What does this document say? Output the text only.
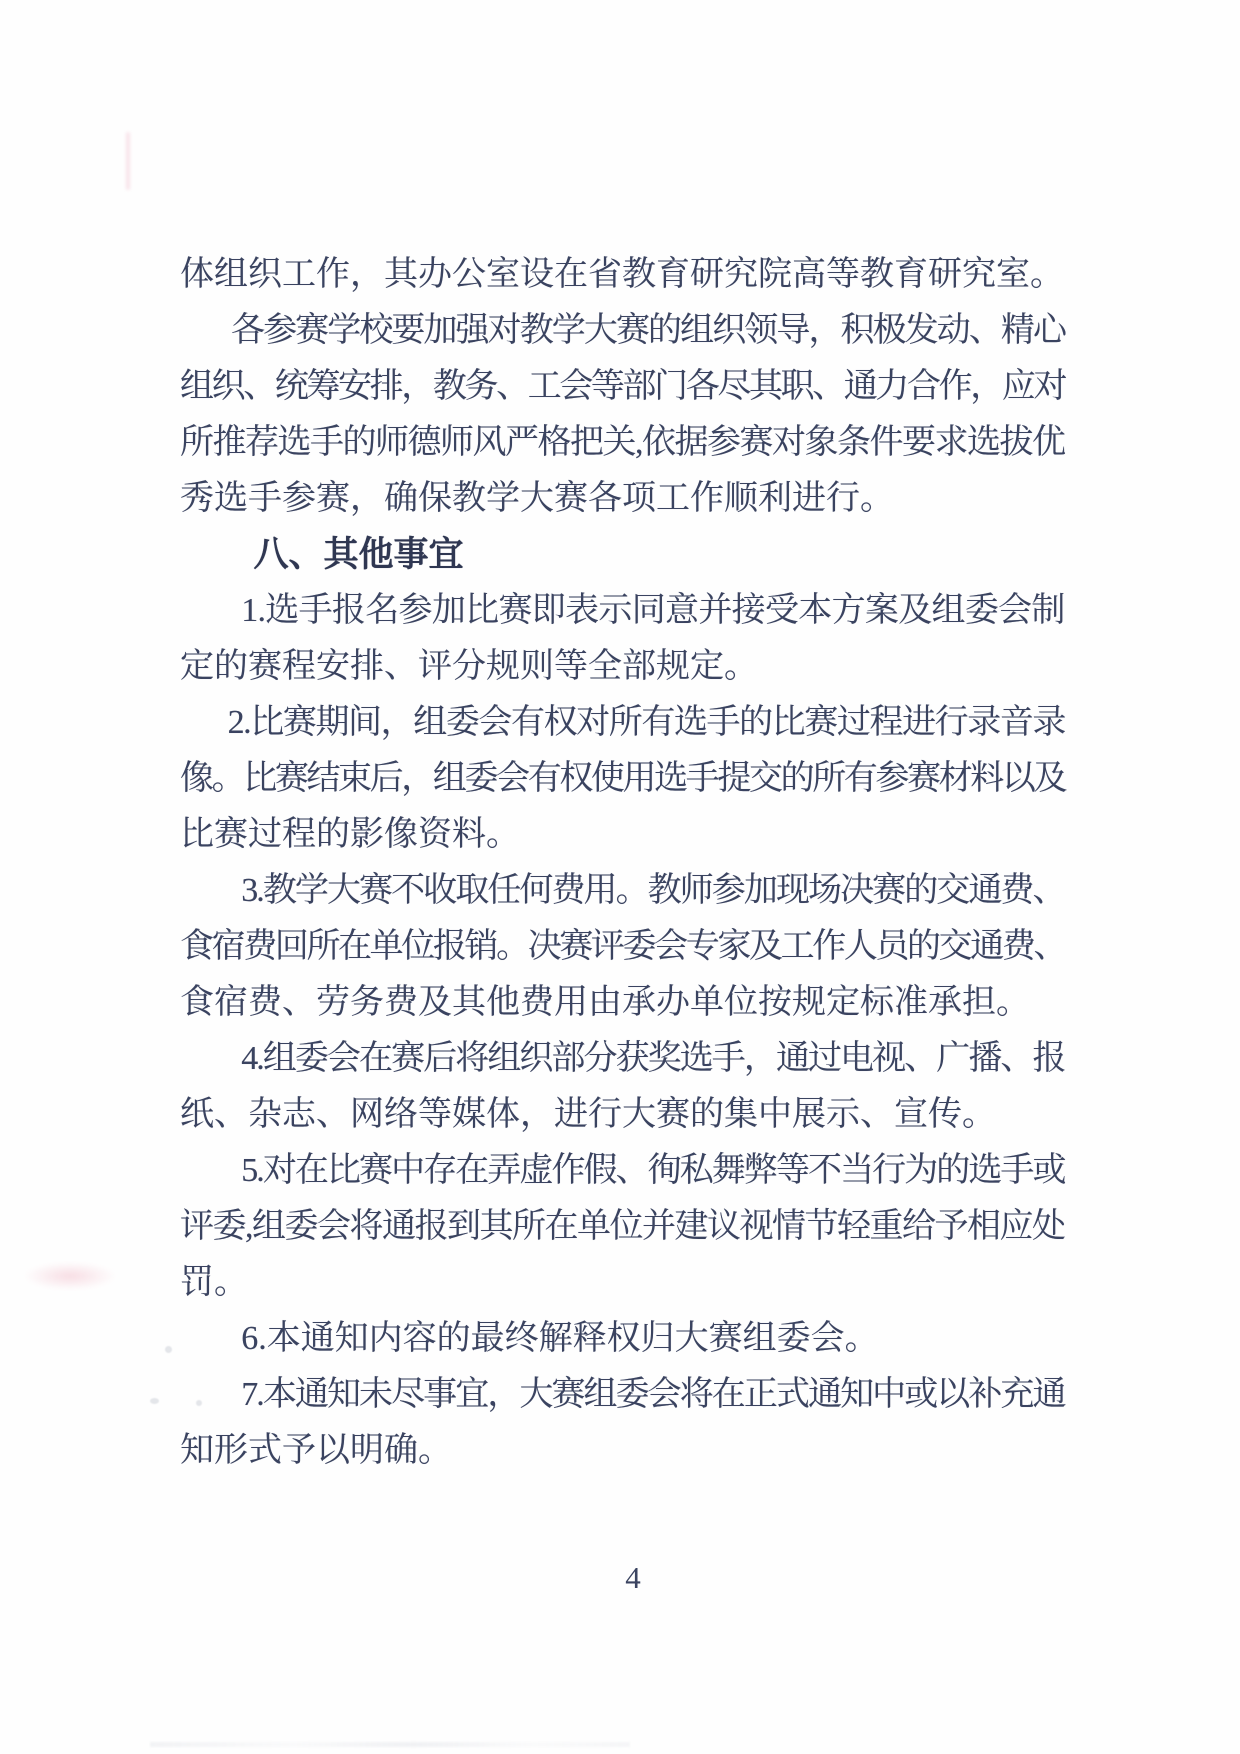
体组织工作，其办公室设在省教育研究院高等教育研究室。
各参赛学校要加强对教学大赛的组织领导，积极发动、精心
组织、统筹安排，教务、工会等部门各尽其职、通力合作，应对
所推荐选手的师德师风严格把关,依据参赛对象条件要求选拔优
秀选手参赛，确保教学大赛各项工作顺利进行。
八、其他事宜
1.选手报名参加比赛即表示同意并接受本方案及组委会制
定的赛程安排、评分规则等全部规定。
2.比赛期间，组委会有权对所有选手的比赛过程进行录音录
像。比赛结束后，组委会有权使用选手提交的所有参赛材料以及
比赛过程的影像资料。
3.教学大赛不收取任何费用。教师参加现场决赛的交通费、
食宿费回所在单位报销。决赛评委会专家及工作人员的交通费、
食宿费、劳务费及其他费用由承办单位按规定标准承担。
4.组委会在赛后将组织部分获奖选手，通过电视、广播、报
纸、杂志、网络等媒体，进行大赛的集中展示、宣传。
5.对在比赛中存在弄虚作假、徇私舞弊等不当行为的选手或
评委,组委会将通报到其所在单位并建议视情节轻重给予相应处
罚。
6.本通知内容的最终解释权归大赛组委会。
7.本通知未尽事宜，大赛组委会将在正式通知中或以补充通
知形式予以明确。
4
